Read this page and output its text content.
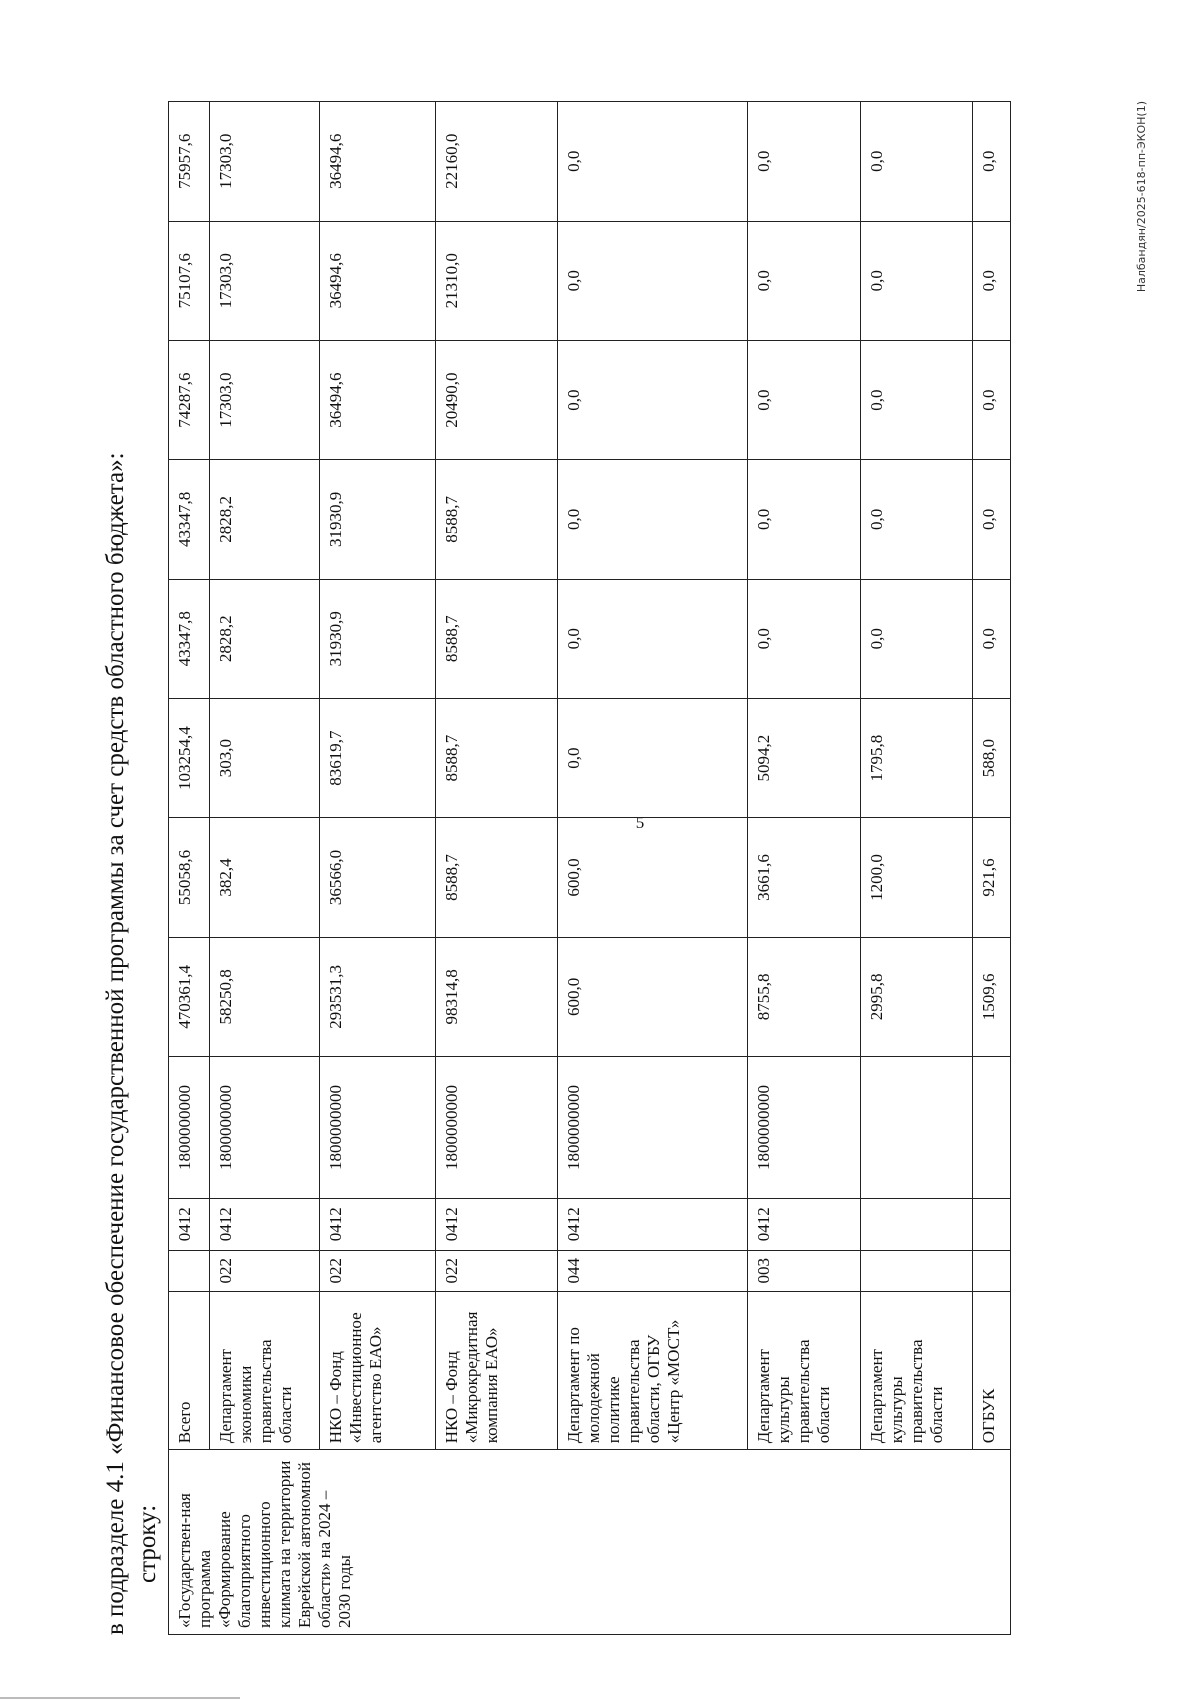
5
в подразделе 4.1 «Финансовое обеспечение государственной программы за счет средств областного бюджета»: строку: «Государствен-ная программа «Формирование благоприятного инвестиционного климата на территории Еврейской автономной области» на 2024 – 2030 годы	Всего		0412	1800000000	470361,4	55058,6	103254,4	43347,8	43347,8	74287,6	75107,6	75957,6
	Департамент экономики правительства области	022	0412	1800000000	58250,8	382,4	303,0	2828,2	2828,2	17303,0	17303,0	17303,0
	НКО – Фонд «Инвестиционное агентство ЕАО»	022	0412	1800000000	293531,3	36566,0	83619,7	31930,9	31930,9	36494,6	36494,6	36494,6
	НКО – Фонд «Микрокредитная компания ЕАО»	022	0412	1800000000	98314,8	8588,7	8588,7	8588,7	8588,7	20490,0	21310,0	22160,0
	Департамент по молодежной политике правительства области, ОГБУ «Центр «МОСТ»	044	0412	1800000000	600,0	600,0	0,0	0,0	0,0	0,0	0,0	0,0
	Департамент культуры правительства области	003	0412	1800000000	8755,8	3661,6	5094,2	0,0	0,0	0,0	0,0	0,0
	Департамент культуры правительства области				2995,8	1200,0	1795,8	0,0	0,0	0,0	0,0	0,0
	ОГБУК				1509,6	921,6	588,0	0,0	0,0	0,0	0,0	0,0	Налбандян/2025-618-пп-ЭКОН(1)
